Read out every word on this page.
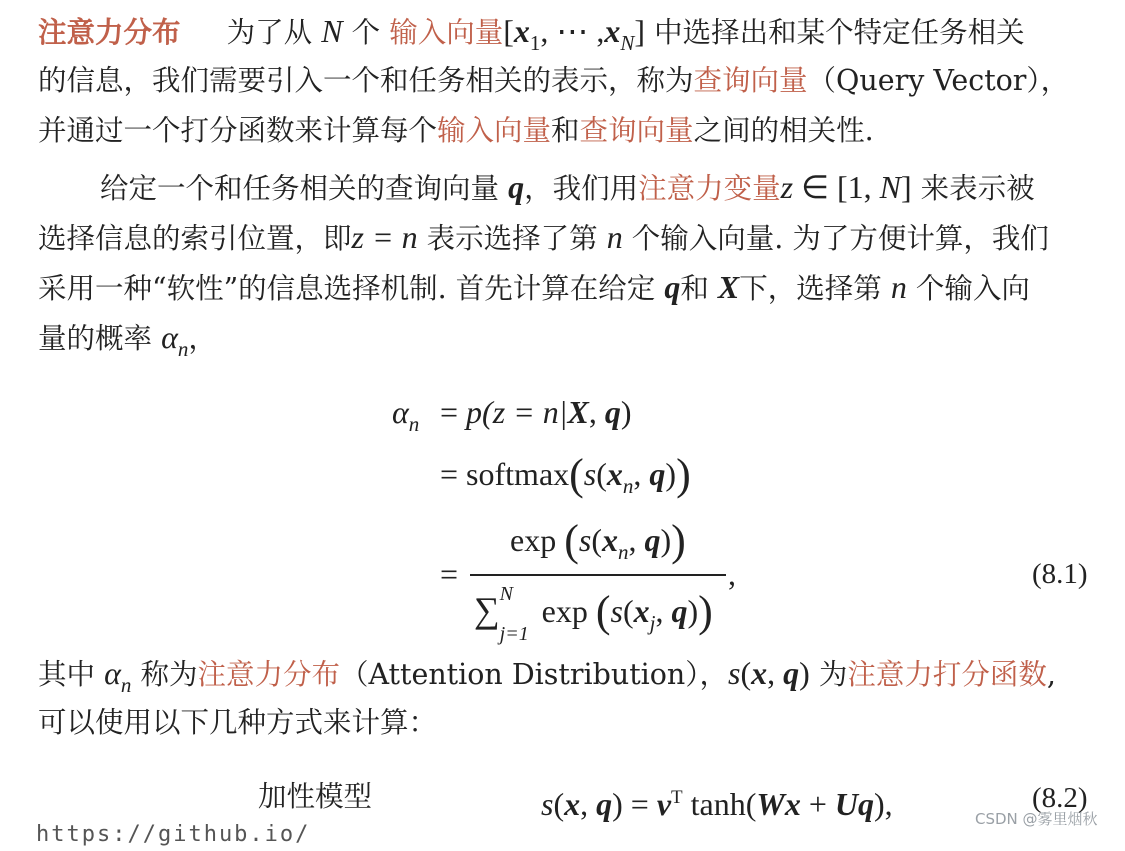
注意力分布 为了从 N 个 输入向量[$x_1$, ⋯ $,x_N$] 中选择出和某个特定任务相关
的信息，我们需要引入一个和任务相关的表示，称为查询向量（Query Vector），
并通过一个打分函数来计算每个输入向量和查询向量之间的相关性.
给定一个和任务相关的查询向量 q，我们用注意力变量z ∈ [1, N] 来表示被
选择信息的索引位置，即z = n 表示选择了第 n 个输入向量. 为了方便计算，我们
采用一种“软性”的信息选择机制. 首先计算在给定 q和 X下，选择第 n 个输入向
量的概率 $\alpha_n$，
$\alpha_n = p(z = n|X$, q)
= $softmax(s(x_n$, q))
=
$\exp (s(x_n$, q))
,
∑ N
j=1
$\exp (s(x_j$, q))
(8.1)
其中 $\alpha_n$ 称为注意力分布（Attention Distribution），s(x, q) 为注意力打分函数,
可以使用以下几种方式来计算：
加性模型	s(x, $q) = v^T$ tanh(Wx + Uq),	(8.2)
CSDN @雾里烟秋
https://github.io/
